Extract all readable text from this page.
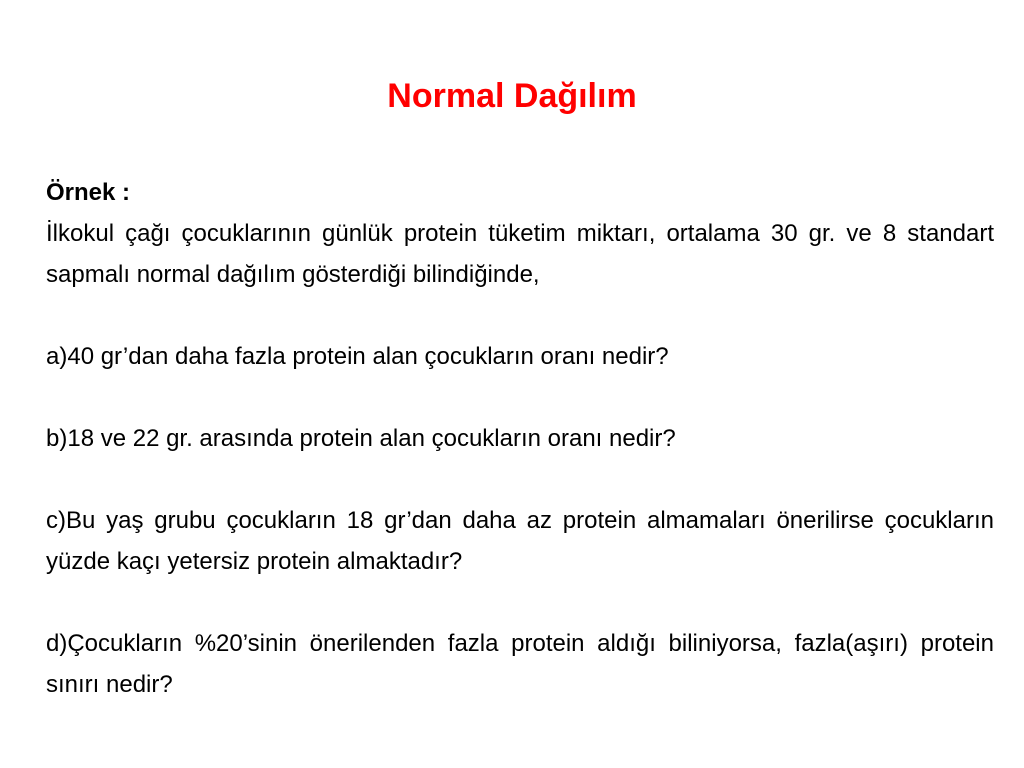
Normal Dağılım

Örnek :

İlkokul çağı çocuklarının günlük protein tüketim miktarı, ortalama 30 gr. ve 8 standart sapmalı normal dağılım gösterdiği bilindiğinde,

a)40 gr’dan daha fazla protein alan çocukların oranı nedir?

b)18 ve 22 gr. arasında protein alan çocukların oranı nedir?

c)Bu yaş grubu çocukların 18 gr’dan daha az protein almamaları önerilirse çocukların yüzde kaçı yetersiz protein almaktadır?

d)Çocukların %20’sinin önerilenden fazla protein aldığı biliniyorsa, fazla(aşırı) protein sınırı nedir?
